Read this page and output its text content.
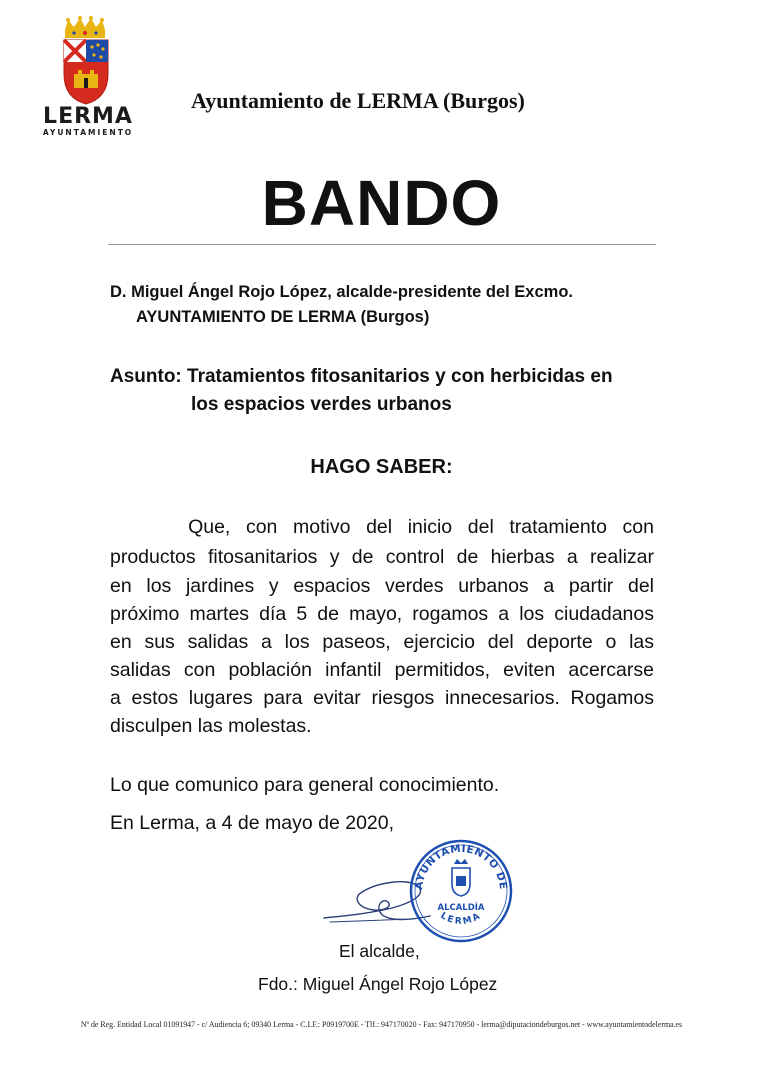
LERMA
AYUNTAMIENTO
Ayuntamiento de LERMA (Burgos)
BANDO
D. Miguel Ángel Rojo López, alcalde-presidente del Excmo.
AYUNTAMIENTO DE LERMA (Burgos)
Asunto: Tratamientos fitosanitarios y con herbicidas en
los espacios verdes urbanos
HAGO SABER:
Que, con motivo del inicio del tratamiento con
productos fitosanitarios y de control de hierbas a realizar
en los jardines y espacios verdes urbanos a partir del
próximo martes día 5 de mayo, rogamos a los ciudadanos
en sus salidas a los paseos, ejercicio del deporte o las
salidas con población infantil permitidos, eviten acercarse
a estos lugares para evitar riesgos innecesarios. Rogamos
disculpen las molestas.
Lo que comunico para general conocimiento.
En Lerma, a 4 de mayo de 2020,
AYUNTAMIENTO DE
LERMA
ALCALDÍA
El alcalde,
Fdo.: Miguel Ángel Rojo López
Nº de Reg. Entidad Local 01091947 - c/ Audiencia 6; 09340 Lerma - C.I.F.: P0919700E - Tlf.: 947170020 - Fax: 947170950 - lerma@diputaciondeburgos.net - www.ayuntamientodelerma.es
